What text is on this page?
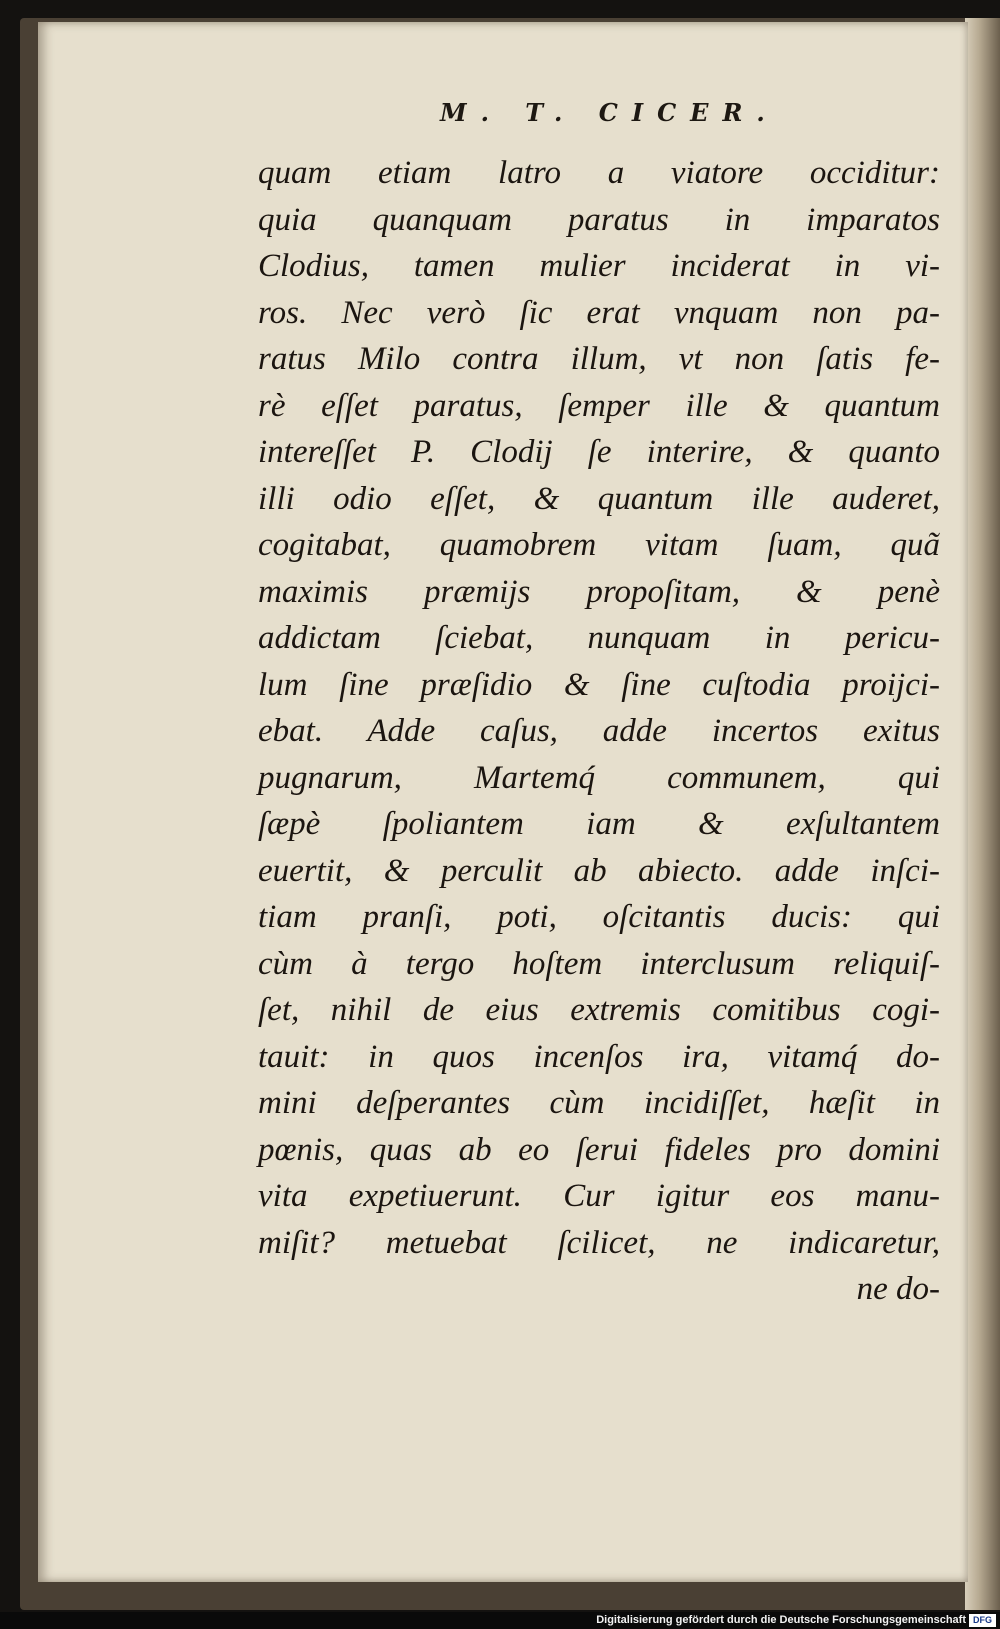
M. T. CICER.
quam etiam latro a viatore occiditur:
quia quanquam paratus in imparatos
Clodius, tamen mulier inciderat in vi-
ros. Nec verò ſic erat vnquam non pa-
ratus Milo contra illum, vt non ſatis fe-
rè eſſet paratus, ſemper ille & quantum
intereſſet P. Clodij ſe interire, & quanto
illi odio eſſet, & quantum ille auderet,
cogitabat, quamobrem vitam ſuam, quã
maximis præmijs propoſitam, & penè
addictam ſciebat, nunquam in pericu-
lum ſine præſidio & ſine cuſtodia proijci-
ebat. Adde caſus, adde incertos exitus
pugnarum, Martemq́ communem, qui
ſæpè ſpoliantem iam & exſultantem
euertit, & perculit ab abiecto. adde inſci-
tiam pranſi, poti, oſcitantis ducis: qui
cùm à tergo hoſtem interclusum reliquiſ-
ſet, nihil de eius extremis comitibus cogi-
tauit: in quos incenſos ira, vitamq́ do-
mini deſperantes cùm incidiſſet, hæſit in
pœnis, quas ab eo ſerui fideles pro domini
vita expetiuerunt. Cur igitur eos manu-
miſit? metuebat ſcilicet, ne indicaretur,
ne do-
Digitalisierung gefördert durch die Deutsche Forschungsgemeinschaft DFG
